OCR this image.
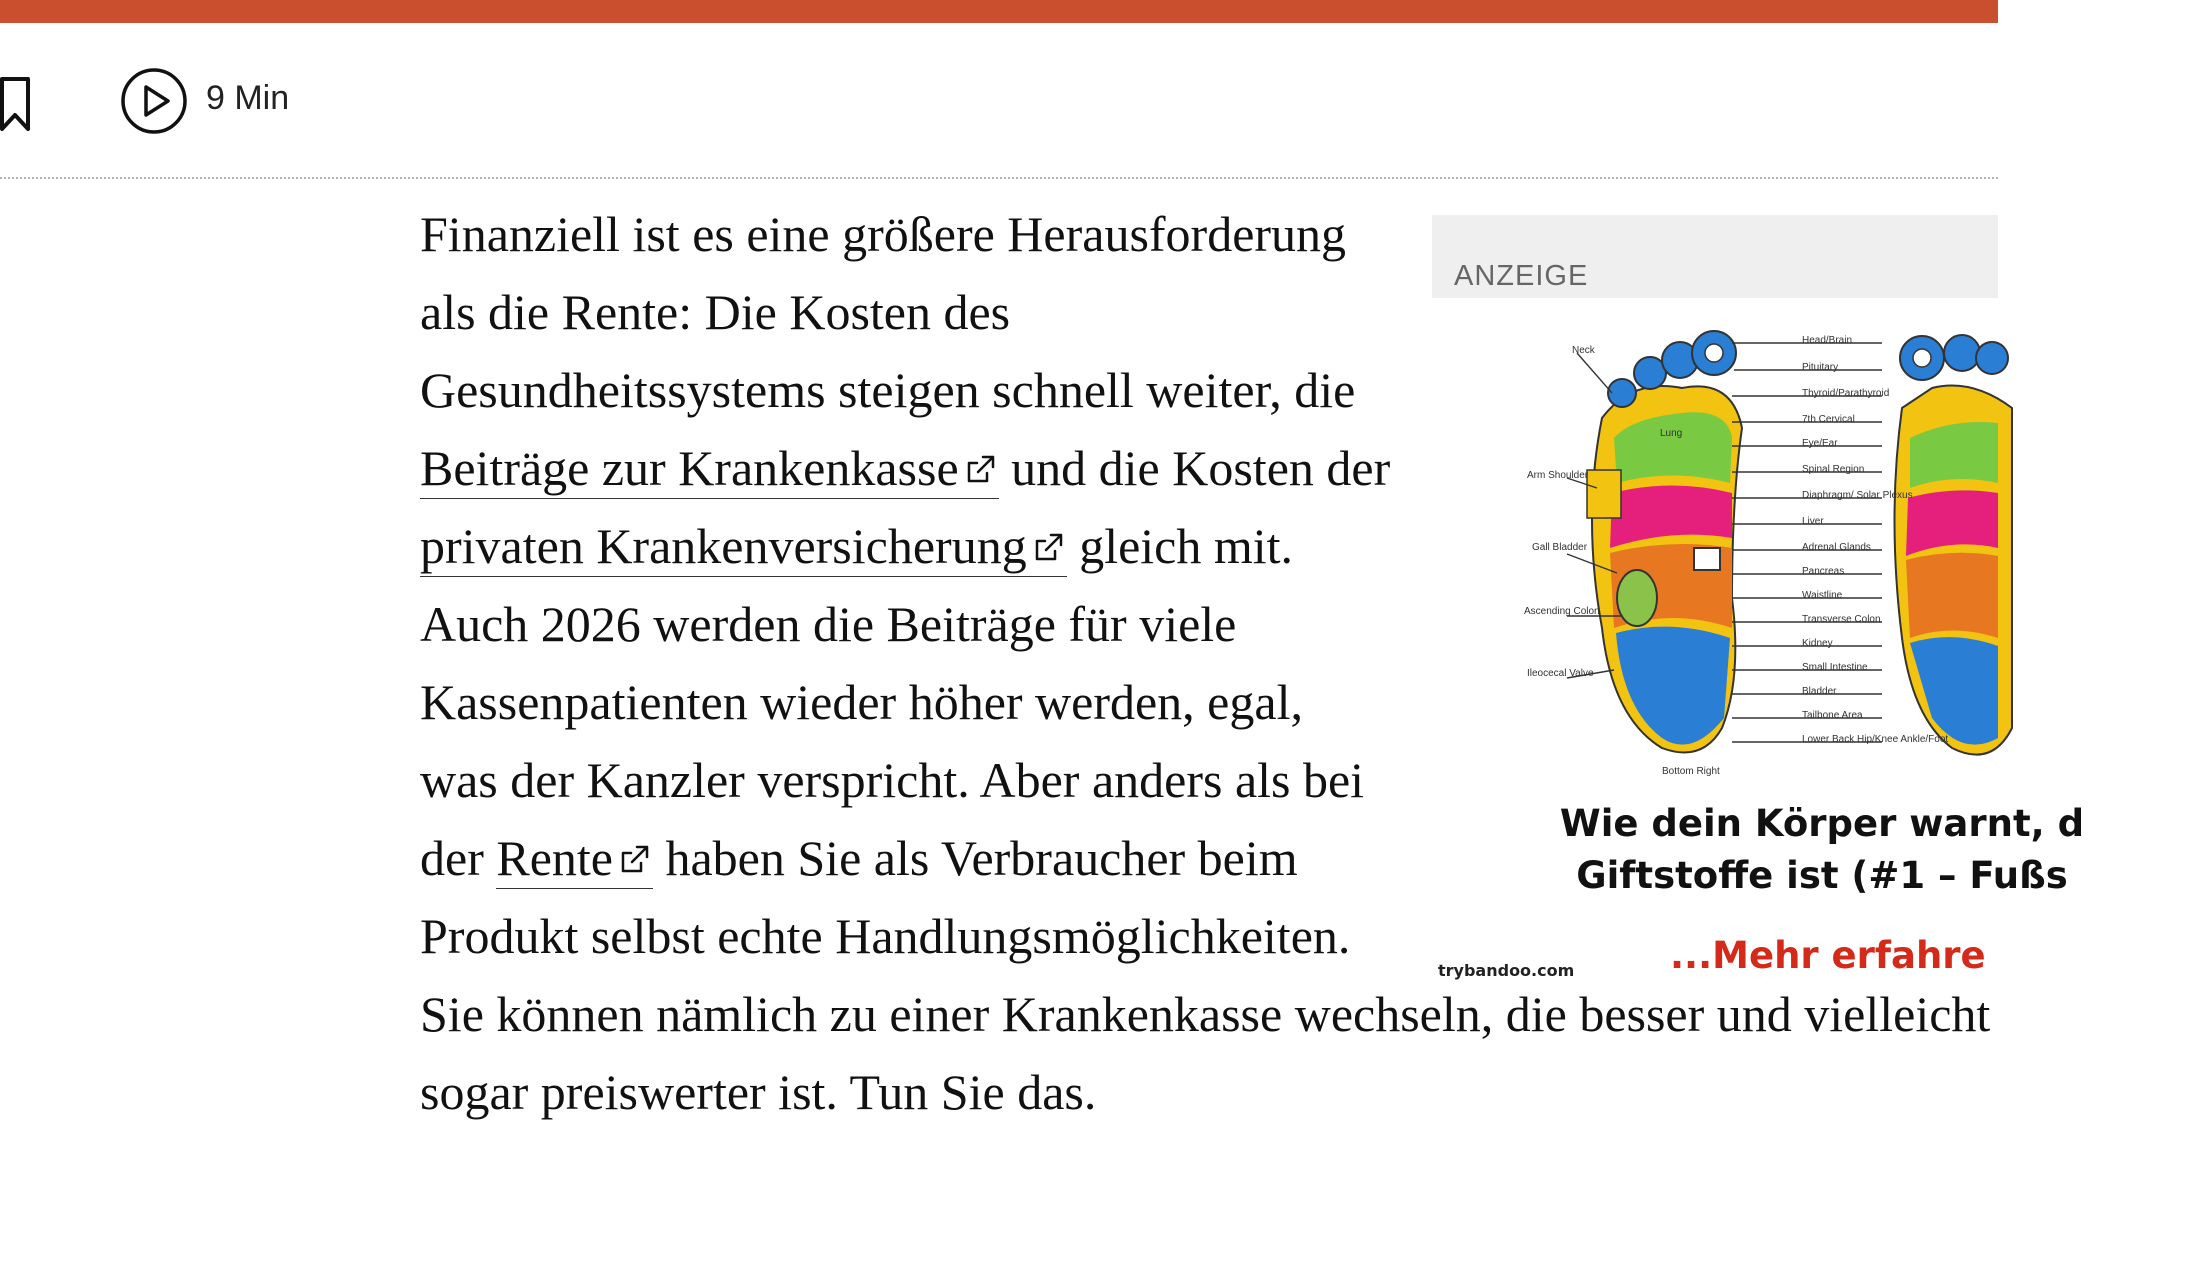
9 Min
ANZEIGE
Head/Brain
Pituitary
Thyroid/Parathyroid
7th Cervical
Eye/Ear
Spinal Region
Diaphragm/ Solar Plexus
Liver
Adrenal Glands
Pancreas
Waistline
Transverse Colon
Kidney
Small Intestine
Bladder
Tailbone Area
Lower Back Hip/Knee Ankle/Foot
Neck
Arm Shoulder
Gall Bladder
Ascending Colon
Ileocecal Valve
Bottom Right
Lung
Wie dein Körper warnt, d
Giftstoffe ist (#1 – Fußs
trybandoo.com	...Mehr erfahre

Finanziell ist es eine größere Herausforderung als die Rente: Die Kosten des Gesundheitssystems steigen schnell weiter, die Beiträge zur Krankenkasse und die Kosten der privaten Krankenversicherung gleich mit. Auch 2026 werden die Beiträge für viele Kassenpatienten wieder höher werden, egal, was der Kanzler verspricht. Aber anders als bei der Rente haben Sie als Verbraucher beim Produkt selbst echte Handlungsmöglichkeiten. Sie können nämlich zu einer Krankenkasse wechseln, die besser und vielleicht sogar preiswerter ist. Tun Sie das.
